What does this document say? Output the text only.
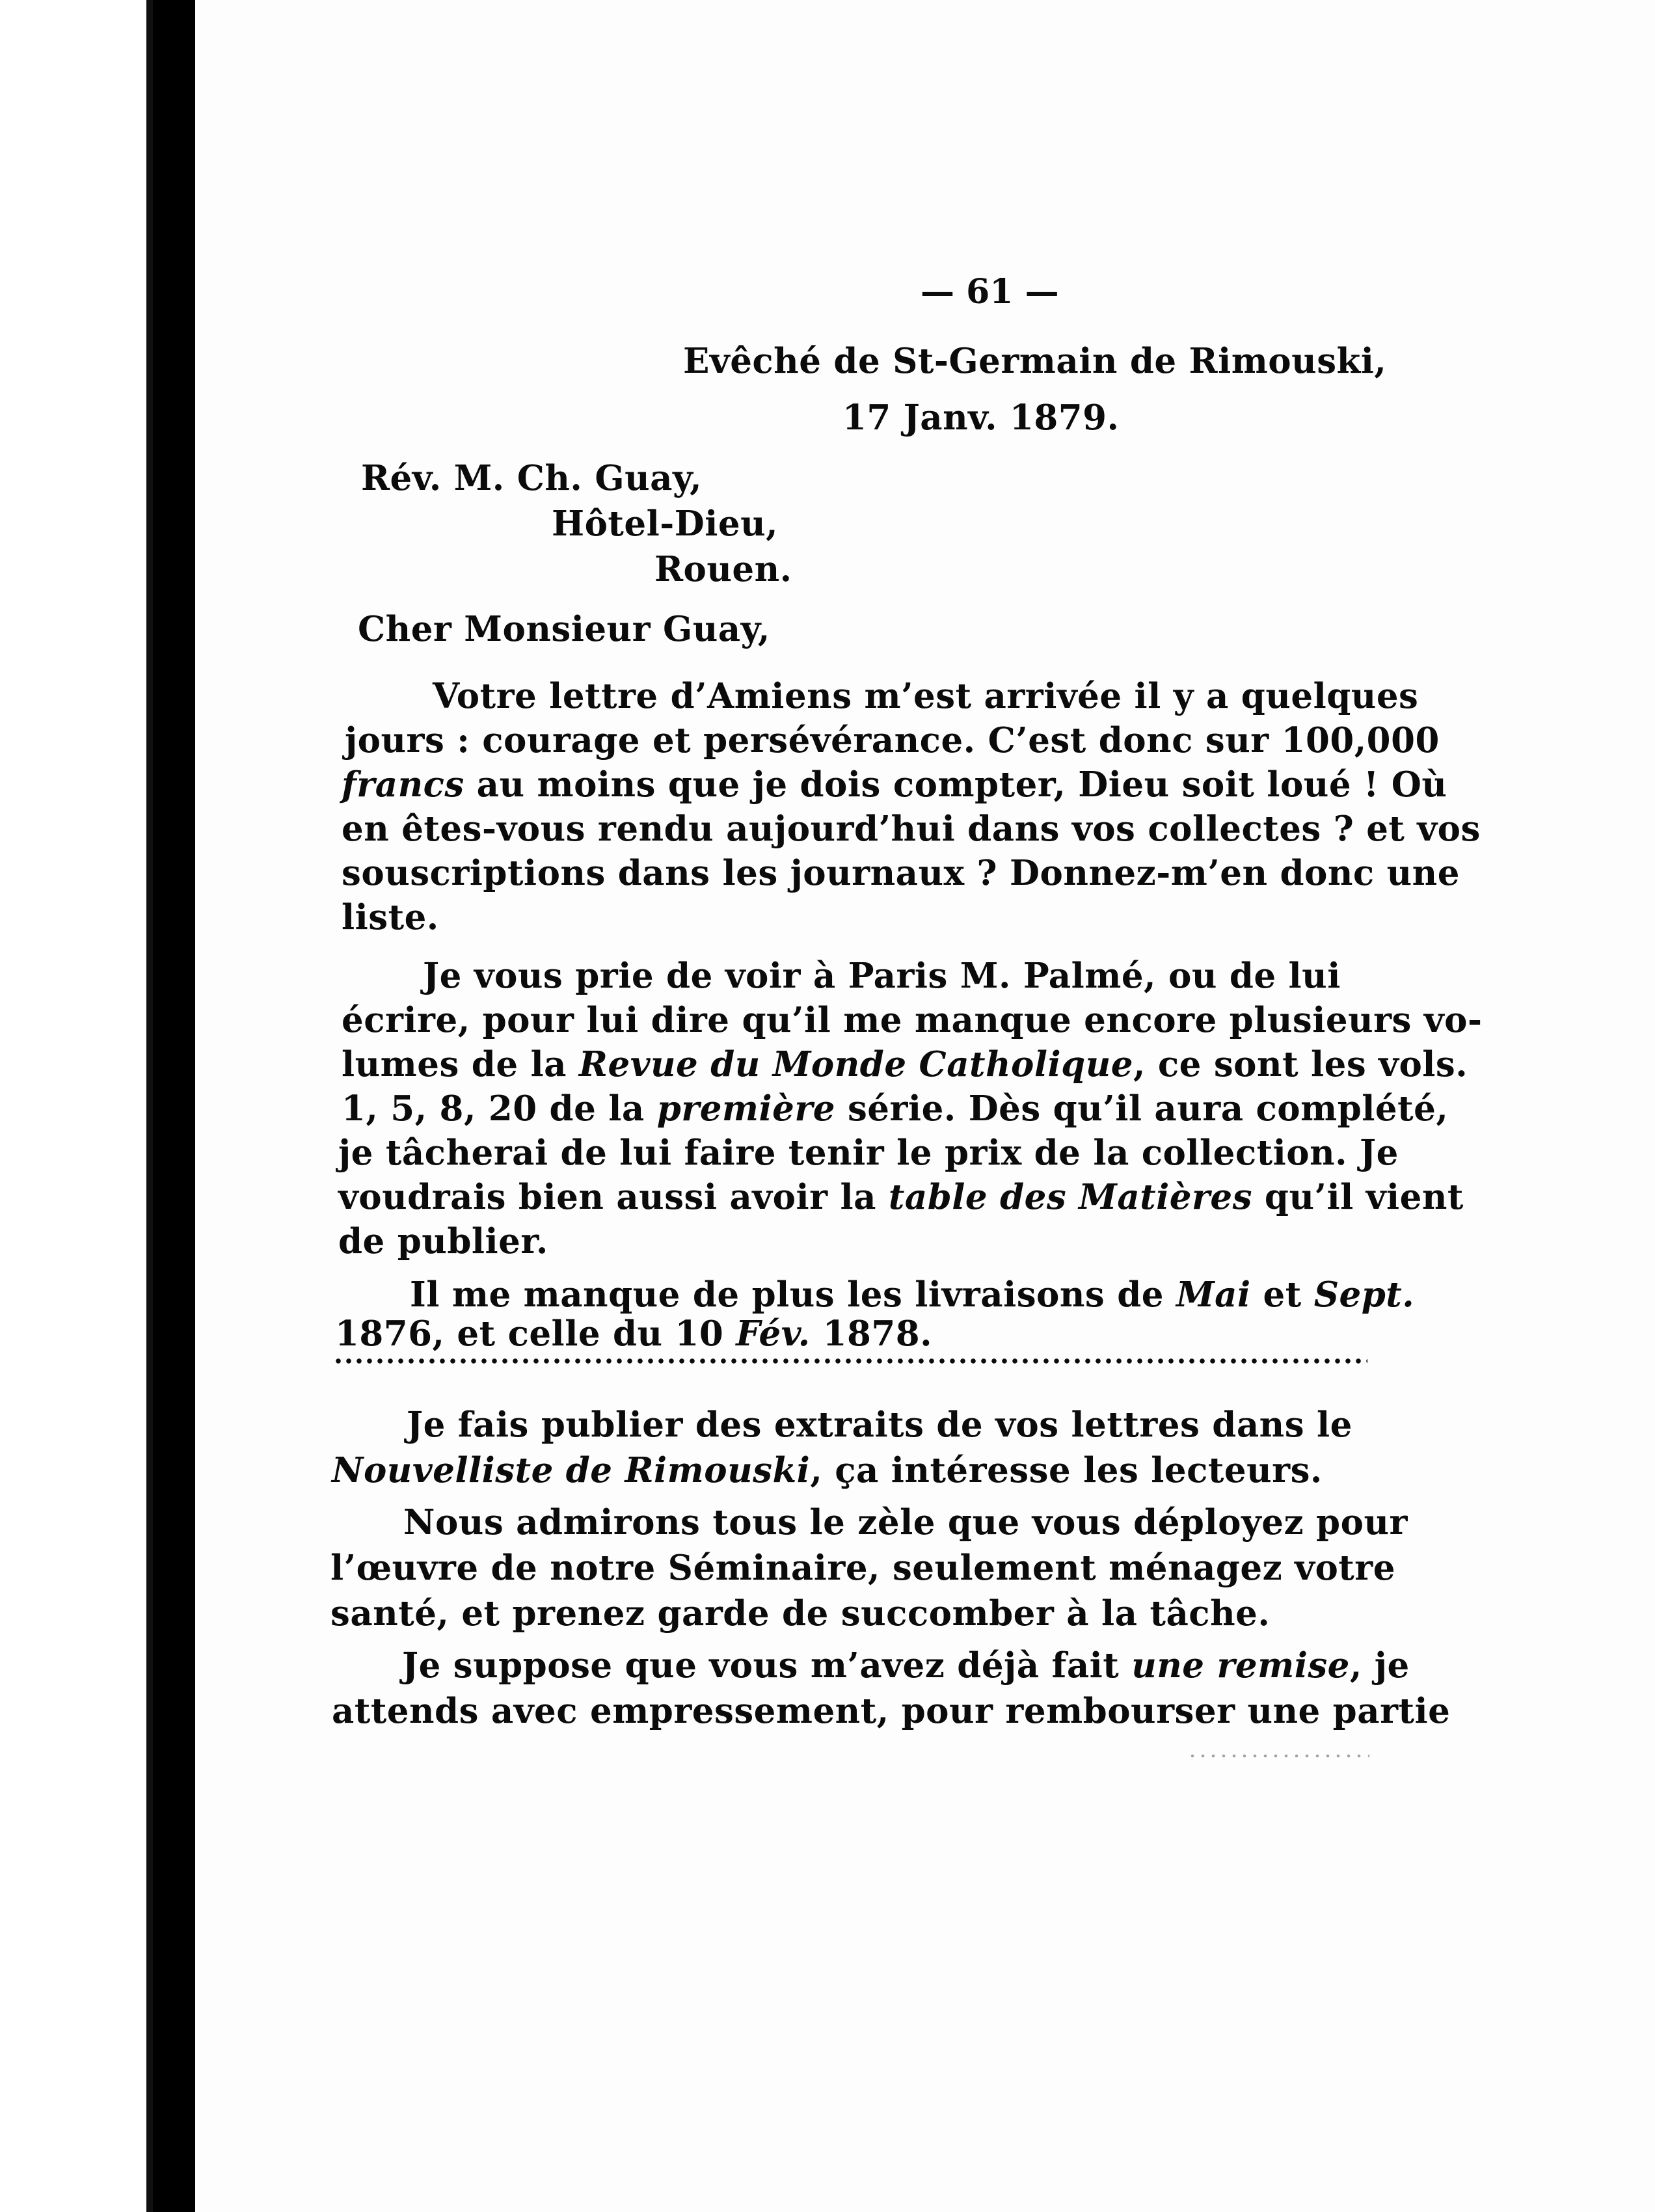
— 61 —
Evêché de St-Germain de Rimouski,
17 Janv. 1879.
Rév. M. Ch. Guay,
Hôtel-Dieu,
Rouen.
Cher Monsieur Guay,
Votre lettre d’Amiens m’est arrivée il y a quelques
jours : courage et persévérance. C’est donc sur 100,000
francs au moins que je dois compter, Dieu soit loué ! Où
en êtes-vous rendu aujourd’hui dans vos collectes ? et vos
souscriptions dans les journaux ? Donnez-m’en donc une
liste.
Je vous prie de voir à Paris M. Palmé, ou de lui
écrire, pour lui dire qu’il me manque encore plusieurs vo-
lumes de la Revue du Monde Catholique, ce sont les vols.
1, 5, 8, 20 de la première série. Dès qu’il aura complété,
je tâcherai de lui faire tenir le prix de la collection. Je
voudrais bien aussi avoir la table des Matières qu’il vient
de publier.
Il me manque de plus les livraisons de Mai et Sept.
1876, et celle du 10 Fév. 1878.
Je fais publier des extraits de vos lettres dans le
Nouvelliste de Rimouski, ça intéresse les lecteurs.
Nous admirons tous le zèle que vous déployez pour
l’œuvre de notre Séminaire, seulement ménagez votre
santé, et prenez garde de succomber à la tâche.
Je suppose que vous m’avez déjà fait une remise, je
attends avec empressement, pour rembourser une partie
